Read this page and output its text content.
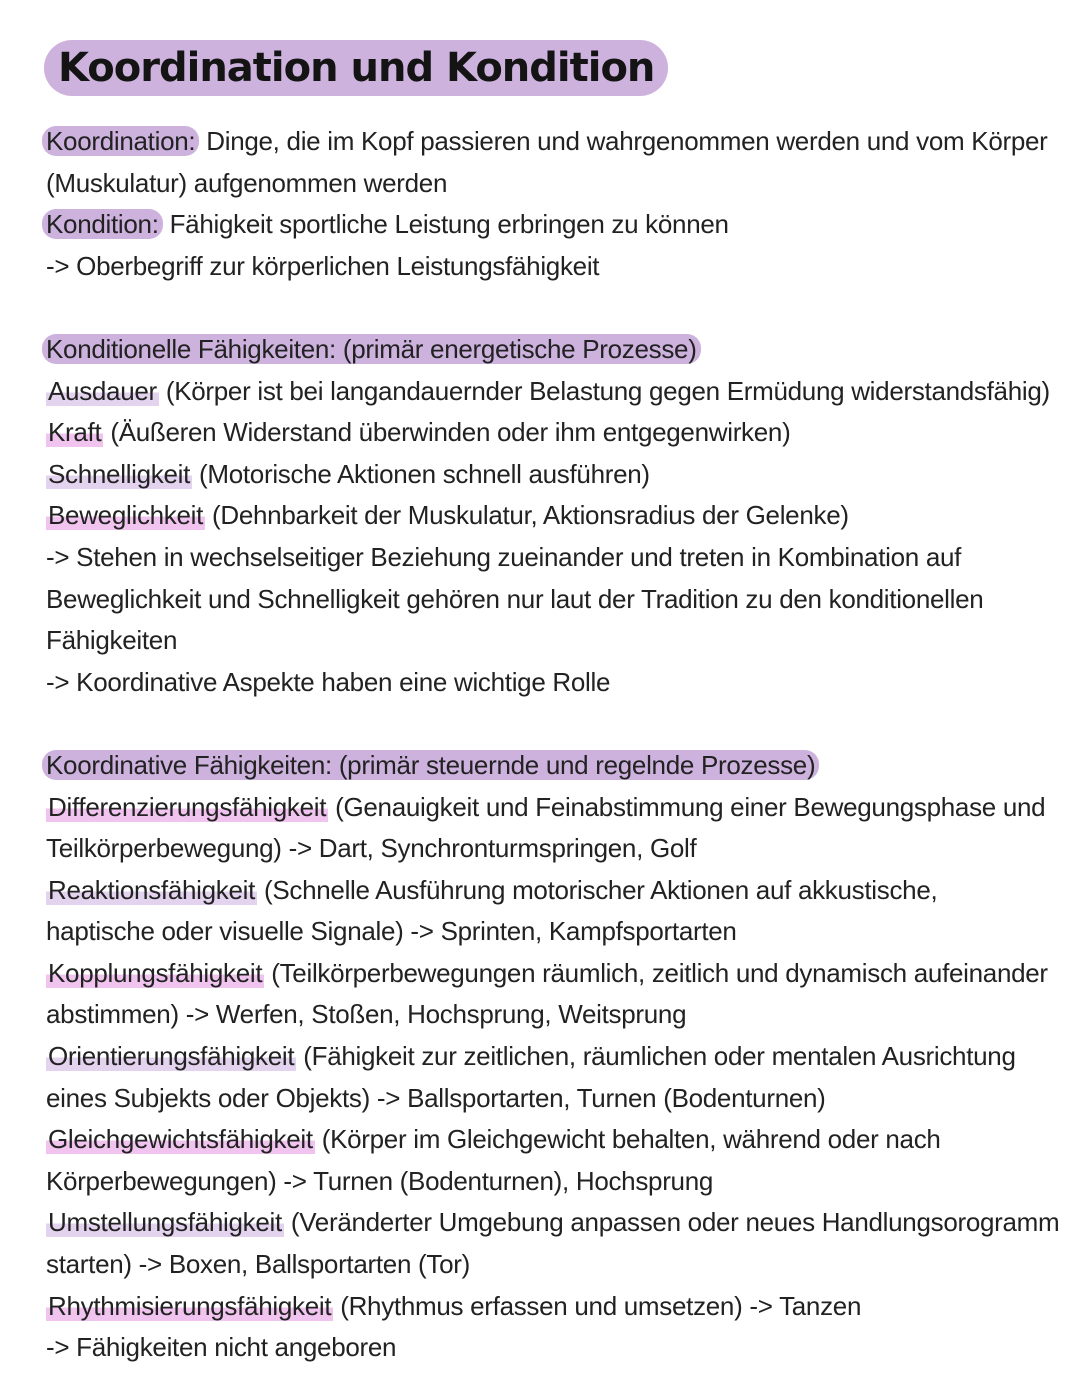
Koordination und Kondition
Koordination: Dinge, die im Kopf passieren und wahrgenommen werden und vom Körper
(Muskulatur) aufgenommen werden
Kondition: Fähigkeit sportliche Leistung erbringen zu können
-> Oberbegriff zur körperlichen Leistungsfähigkeit
Konditionelle Fähigkeiten: (primär energetische Prozesse)
Ausdauer (Körper ist bei langandauernder Belastung gegen Ermüdung widerstandsfähig)
Kraft (Äußeren Widerstand überwinden oder ihm entgegenwirken)
Schnelligkeit (Motorische Aktionen schnell ausführen)
Beweglichkeit (Dehnbarkeit der Muskulatur, Aktionsradius der Gelenke)
-> Stehen in wechselseitiger Beziehung zueinander und treten in Kombination auf
Beweglichkeit und Schnelligkeit gehören nur laut der Tradition zu den konditionellen
Fähigkeiten
-> Koordinative Aspekte haben eine wichtige Rolle
Koordinative Fähigkeiten: (primär steuernde und regelnde Prozesse)
Differenzierungsfähigkeit (Genauigkeit und Feinabstimmung einer Bewegungsphase und
Teilkörperbewegung) -> Dart, Synchronturmspringen, Golf
Reaktionsfähigkeit (Schnelle Ausführung motorischer Aktionen auf akkustische,
haptische oder visuelle Signale) -> Sprinten, Kampfsportarten
Kopplungsfähigkeit (Teilkörperbewegungen räumlich, zeitlich und dynamisch aufeinander
abstimmen) -> Werfen, Stoßen, Hochsprung, Weitsprung
Orientierungsfähigkeit (Fähigkeit zur zeitlichen, räumlichen oder mentalen Ausrichtung
eines Subjekts oder Objekts) -> Ballsportarten, Turnen (Bodenturnen)
Gleichgewichtsfähigkeit (Körper im Gleichgewicht behalten, während oder nach
Körperbewegungen) -> Turnen (Bodenturnen), Hochsprung
Umstellungsfähigkeit (Veränderter Umgebung anpassen oder neues Handlungsorogramm
starten) -> Boxen, Ballsportarten (Tor)
Rhythmisierungsfähigkeit (Rhythmus erfassen und umsetzen) -> Tanzen
-> Fähigkeiten nicht angeboren
